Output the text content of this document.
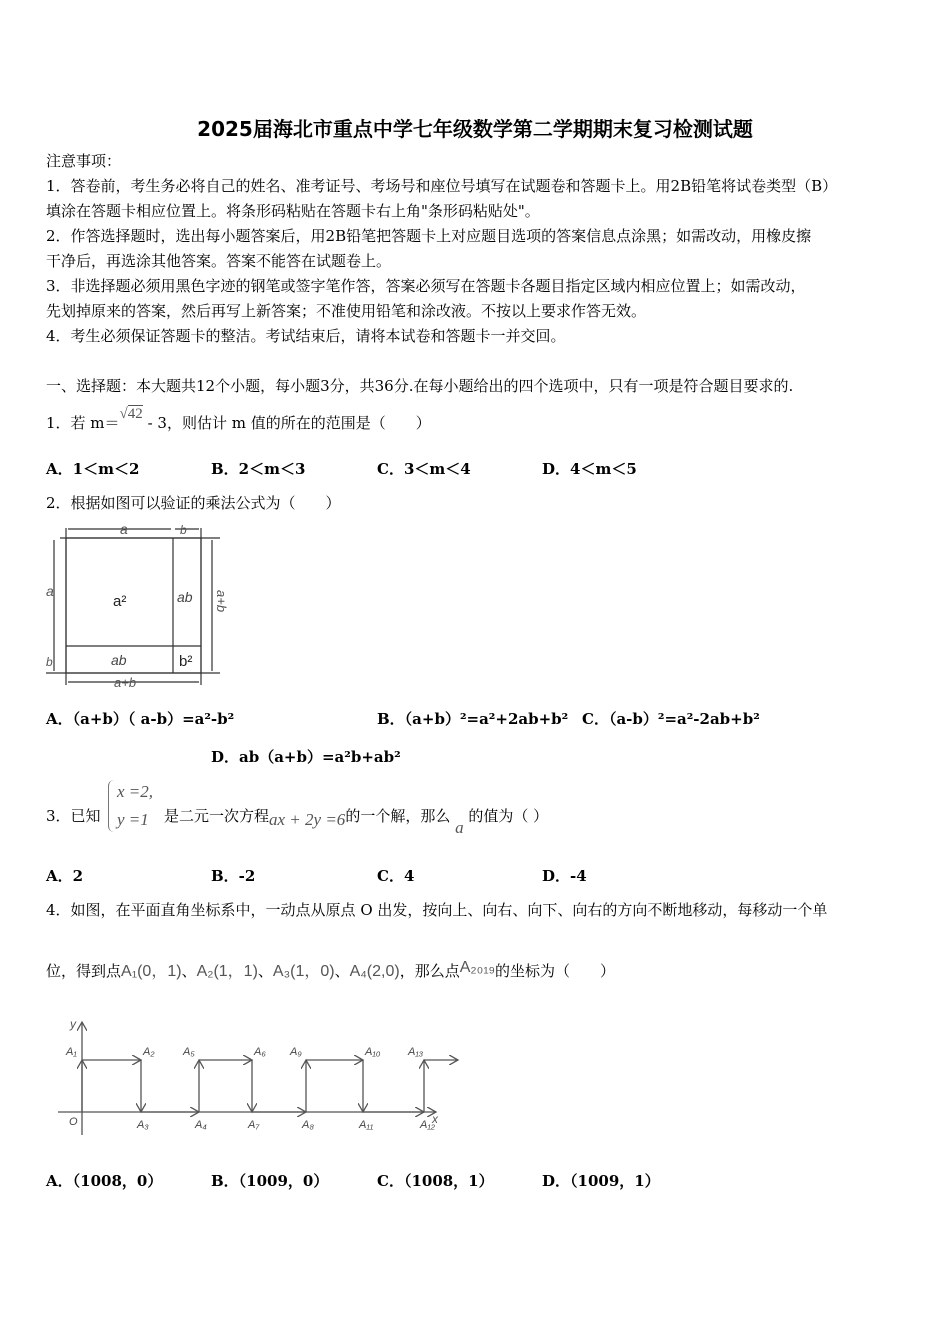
2025届海北市重点中学七年级数学第二学期期末复习检测试题
注意事项：
1．答卷前，考生务必将自己的姓名、准考证号、考场号和座位号填写在试题卷和答题卡上。用2B铅笔将试卷类型（B）
填涂在答题卡相应位置上。将条形码粘贴在答题卡右上角"条形码粘贴处"。
2．作答选择题时，选出每小题答案后，用2B铅笔把答题卡上对应题目选项的答案信息点涂黑；如需改动，用橡皮擦
干净后，再选涂其他答案。答案不能答在试题卷上。
3．非选择题必须用黑色字迹的钢笔或签字笔作答，答案必须写在答题卡各题目指定区域内相应位置上；如需改动，
先划掉原来的答案，然后再写上新答案；不准使用铅笔和涂改液。不按以上要求作答无效。
4．考生必须保证答题卡的整洁。考试结束后，请将本试卷和答题卡一并交回。
一、选择题：本大题共12个小题，每小题3分，共36分.在每小题给出的四个选项中，只有一项是符合题目要求的.
1．若 m＝√42 - 3，则估计 m 值的所在的范围是（　　）
A．1＜m＜2	B．2＜m＜3	C．3＜m＜4	D．4＜m＜5
2．根据如图可以验证的乘法公式为（　　）
a	b
a
b
a²	ab
ab	b²
a+b
a+b
A．（a+b）（ a-b）=a²-b²	B．（a+b）²=a²+2ab+b² C．（a-b）²=a²-2ab+b²
D．ab（a+b）=a²b+ab²
3．已知
x =2,
y =1 是二元一次方程ax + 2y =6的一个解，那么 a 的值为（ ）
A．2	B．-2	C．4	D．-4
4．如图，在平面直角坐标系中，一动点从原点 O 出发，按向上、向右、向下、向右的方向不断地移动，每移动一个单
位，得到点A₁(0，1)、A₂(1，1)、A₃(1，0)、A₄(2,0)，那么点A₂₀₁₉的坐标为（　　）
y
x
O
A₁	A₂
A₃	A₄
A₅	A₆
A₇	A₈
A₉	A₁₀
A₁₁	A₁₂
A₁₃
A．（1008，0）	B．（1009，0）	C．（1008，1）	D．（1009，1）
